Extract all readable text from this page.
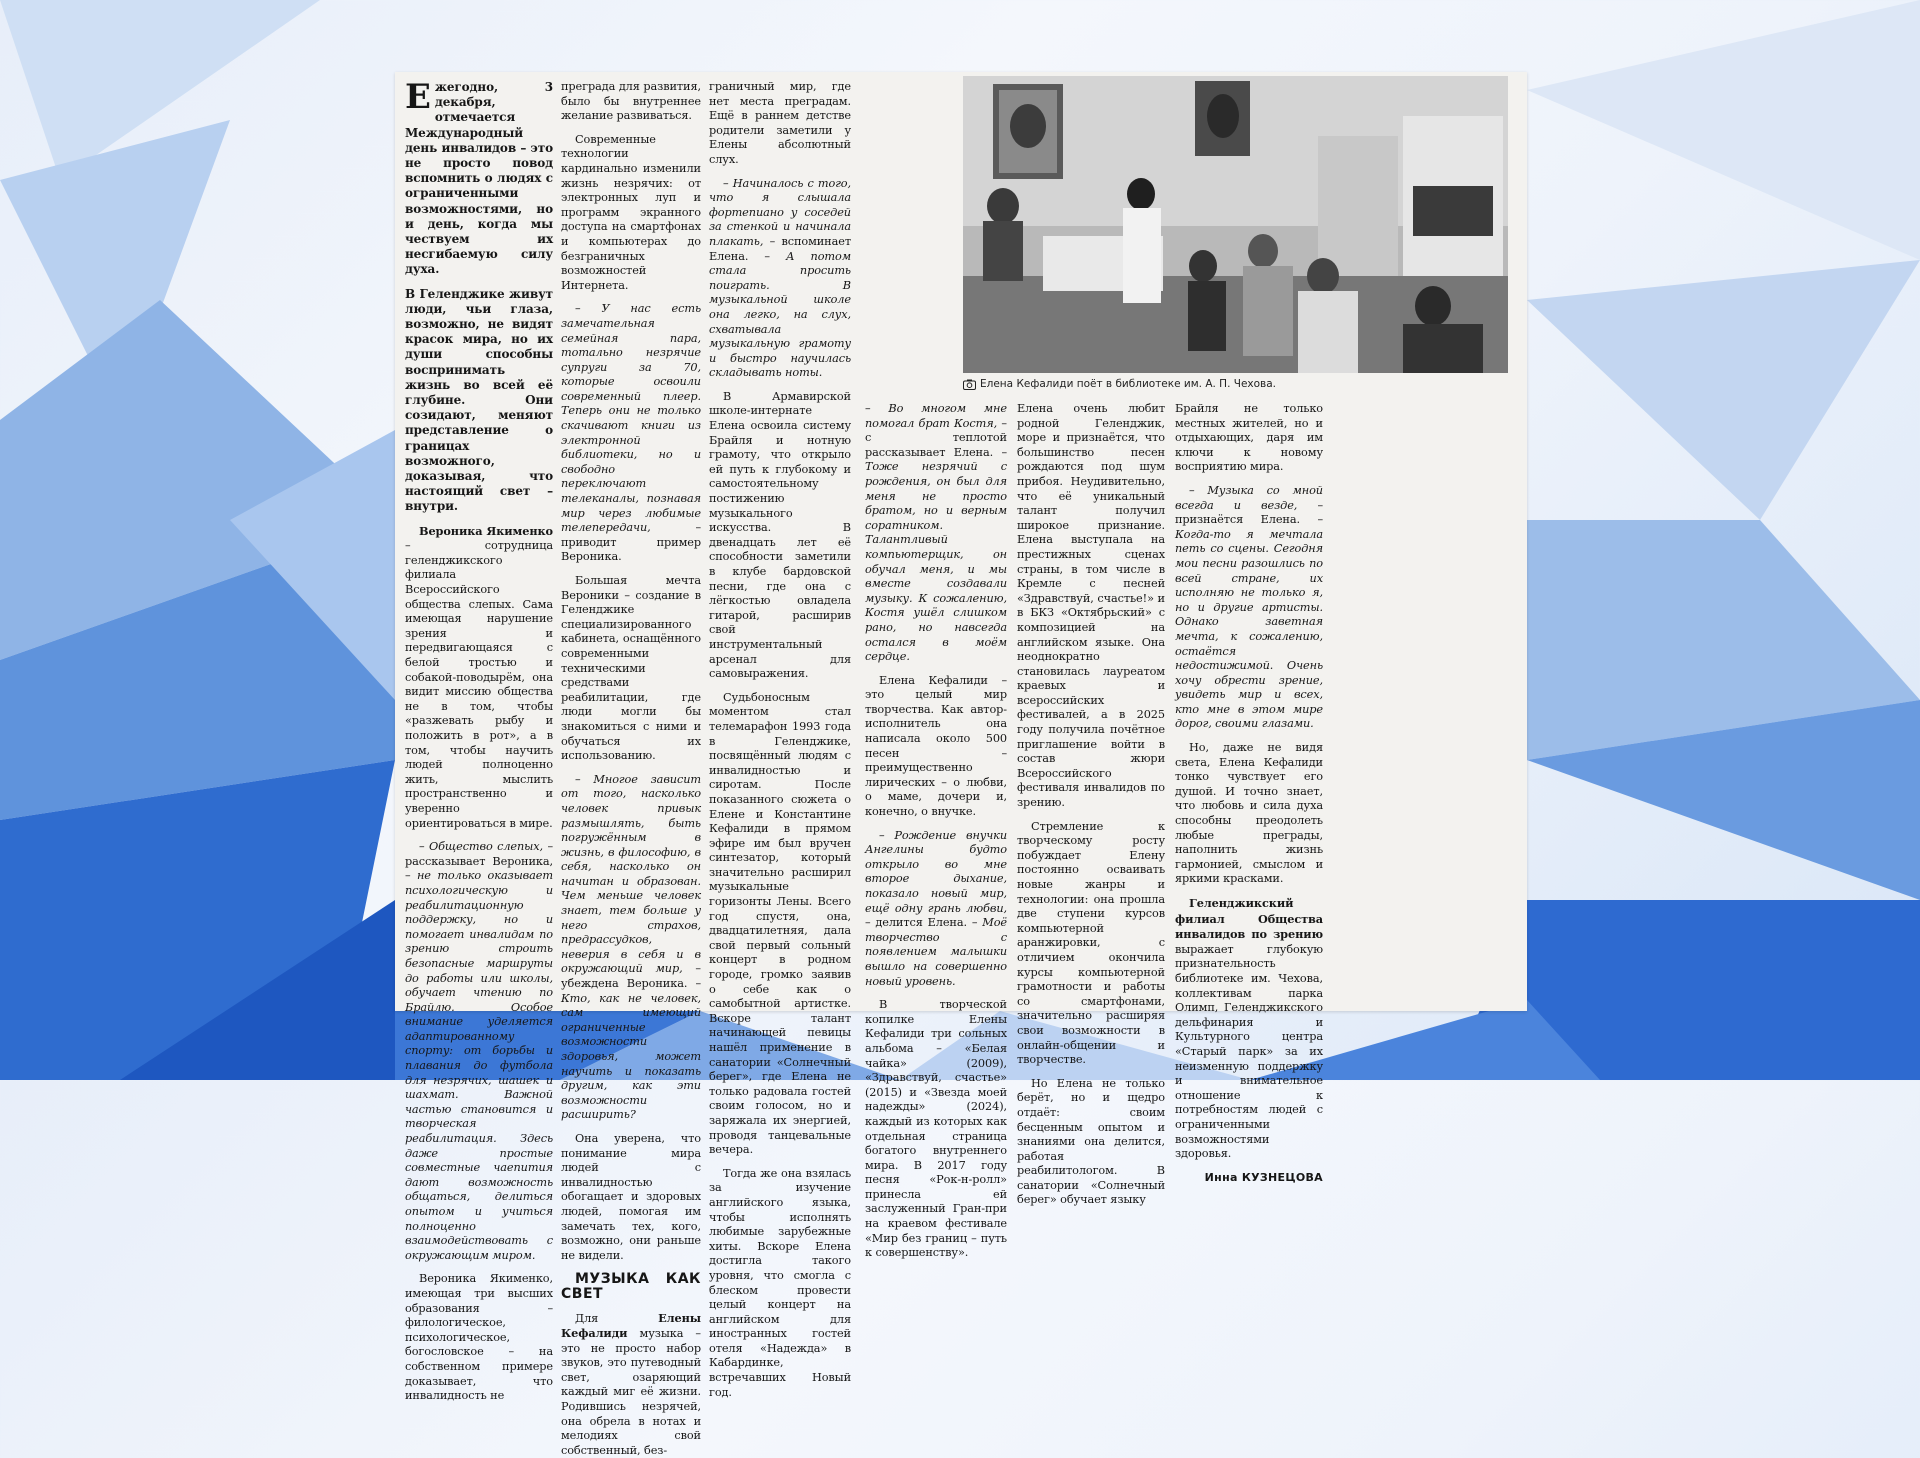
Ежегодно, 3 декабря, отмечается Международный день инвалидов – это не просто повод вспомнить о людях с ограниченными возможностями, но и день, когда мы чествуем их несгибаемую силу духа.

В Геленджике живут люди, чьи глаза, возможно, не видят красок мира, но их души способны воспринимать жизнь во всей её глубине. Они созидают, меняют представление о границах возможного, доказывая, что настоящий свет – внутри.

Вероника Якименко – сотрудница геленджикского филиала Всероссийского общества слепых. Сама имеющая нарушение зрения и передвигающаяся с белой тростью и собакой-поводырём, она видит миссию общества не в том, чтобы «разжевать рыбу и положить в рот», а в том, чтобы научить людей полноценно жить, мыслить пространственно и уверенно ориентироваться в мире.

– Общество слепых, – рассказывает Вероника, – не только оказывает психологическую и реабилитационную поддержку, но и помогает инвалидам по зрению строить безопасные маршруты до работы или школы, обучает чтению по Брайлю. Особое внимание уделяется адаптированному спорту: от борьбы и плавания до футбола для незрячих, шашек и шахмат. Важной частью становится и творческая реабилитация. Здесь даже простые совместные чаепития дают возможность общаться, делиться опытом и учиться полноценно взаимодействовать с окружающим миром.

Вероника Якименко, имеющая три высших образования – филологическое, психологическое, богословское – на собственном примере доказывает, что инвалидность не

преграда для развития, было бы внутреннее желание развиваться.

Современные технологии кардинально изменили жизнь незрячих: от электронных луп и программ экранного доступа на смартфонах и компьютерах до безграничных возможностей Интернета.

– У нас есть замечательная семейная пара, тотально незрячие супруги за 70, которые освоили современный плеер. Теперь они не только скачивают книги из электронной библиотеки, но и свободно переключают телеканалы, познавая мир через любимые телепередачи, – приводит пример Вероника.

Большая мечта Вероники – создание в Геленджике специализированного кабинета, оснащённого современными техническими средствами реабилитации, где люди могли бы знакомиться с ними и обучаться их использованию.

– Многое зависит от того, насколько человек привык размышлять, быть погружённым в жизнь, в философию, в себя, насколько он начитан и образован. Чем меньше человек знает, тем больше у него страхов, предрассудков, неверия в себя и в окружающий мир, – убеждена Вероника. – Кто, как не человек, сам имеющий ограниченные возможности здоровья, может научить и показать другим, как эти возможности расширить?

Она уверена, что понимание мира людей с инвалидностью обогащает и здоровых людей, помогая им замечать тех, кого, возможно, они раньше не видели.

МУЗЫКА КАК СВЕТ

Для Елены Кефалиди музыка – это не просто набор звуков, это путеводный свет, озаряющий каждый миг её жизни. Родившись незрячей, она обрела в нотах и мелодиях свой собственный, без-

граничный мир, где нет места преградам. Ещё в раннем детстве родители заметили у Елены абсолютный слух.

– Начиналось с того, что я слышала фортепиано у соседей за стенкой и начинала плакать, – вспоминает Елена. – А потом стала просить поиграть. В музыкальной школе она легко, на слух, схватывала музыкальную грамоту и быстро научилась складывать ноты.

В Армавирской школе-интернате Елена освоила систему Брайля и нотную грамоту, что открыло ей путь к глубокому и самостоятельному постижению музыкального искусства. В двенадцать лет её способности заметили в клубе бардовской песни, где она с лёгкостью овладела гитарой, расширив свой инструментальный арсенал для самовыражения.

Судьбоносным моментом стал телемарафон 1993 года в Геленджике, посвящённый людям с инвалидностью и сиротам. После показанного сюжета о Елене и Константине Кефалиди в прямом эфире им был вручен синтезатор, который значительно расширил музыкальные горизонты Лены. Всего год спустя, она, двадцатилетняя, дала свой первый сольный концерт в родном городе, громко заявив о себе как о самобытной артистке. Вскоре талант начинающей певицы нашёл применение в санатории «Солнечный берег», где Елена не только радовала гостей своим голосом, но и заряжала их энергией, проводя танцевальные вечера.

Тогда же она взялась за изучение английского языка, чтобы исполнять любимые зарубежные хиты. Вскоре Елена достигла такого уровня, что смогла с блеском провести целый концерт на английском для иностранных гостей отеля «Надежда» в Кабардинке, встречавших Новый год.

Елена Кефалиди поёт в библиотеке им. А. П. Чехова.

– Во многом мне помогал брат Костя, – с теплотой рассказывает Елена. – Тоже незрячий с рождения, он был для меня не просто братом, но и верным соратником. Талантливый компьютерщик, он обучал меня, и мы вместе создавали музыку. К сожалению, Костя ушёл слишком рано, но навсегда остался в моём сердце.

Елена Кефалиди – это целый мир творчества. Как автор-исполнитель она написала около 500 песен – преимущественно лирических – о любви, о маме, дочери и, конечно, о внучке.

– Рождение внучки Ангелины будто открыло во мне второе дыхание, показало новый мир, ещё одну грань любви, – делится Елена. – Моё творчество с появлением малышки вышло на совершенно новый уровень.

В творческой копилке Елены Кефалиди три сольных альбома – «Белая чайка» (2009), «Здравствуй, счастье» (2015) и «Звезда моей надежды» (2024), каждый из которых как отдельная страница богатого внутреннего мира. В 2017 году песня «Рок-н-ролл» принесла ей заслуженный Гран-при на краевом фестивале «Мир без границ – путь к совершенству».

Елена очень любит родной Геленджик, море и признаётся, что большинство песен рождаются под шум прибоя. Неудивительно, что её уникальный талант получил широкое признание. Елена выступала на престижных сценах страны, в том числе в Кремле с песней «Здравствуй, счастье!» и в БКЗ «Октябрьский» с композицией на английском языке. Она неоднократно становилась лауреатом краевых и всероссийских фестивалей, а в 2025 году получила почётное приглашение войти в состав жюри Всероссийского фестиваля инвалидов по зрению.

Стремление к творческому росту побуждает Елену постоянно осваивать новые жанры и технологии: она прошла две ступени курсов компьютерной аранжировки, с отличием окончила курсы компьютерной грамотности и работы со смартфонами, значительно расширяя свои возможности в онлайн-общении и творчестве.

Но Елена не только берёт, но и щедро отдаёт: своим бесценным опытом и знаниями она делится, работая реабилитологом. В санатории «Солнечный берег» обучает языку

Брайля не только местных жителей, но и отдыхающих, даря им ключи к новому восприятию мира.

– Музыка со мной всегда и везде, – признаётся Елена. – Когда-то я мечтала петь со сцены. Сегодня мои песни разошлись по всей стране, их исполняю не только я, но и другие артисты. Однако заветная мечта, к сожалению, остаётся недостижимой. Очень хочу обрести зрение, увидеть мир и всех, кто мне в этом мире дорог, своими глазами.

Но, даже не видя света, Елена Кефалиди тонко чувствует его душой. И точно знает, что любовь и сила духа способны преодолеть любые преграды, наполнить жизнь гармонией, смыслом и яркими красками.

Геленджикский филиал Общества инвалидов по зрению выражает глубокую признательность библиотеке им. Чехова, коллективам парка Олимп, Геленджикского дельфинария и Культурного центра «Старый парк» за их неизменную поддержку и внимательное отношение к потребностям людей с ограниченными возможностями здоровья.

Инна КУЗНЕЦОВА
